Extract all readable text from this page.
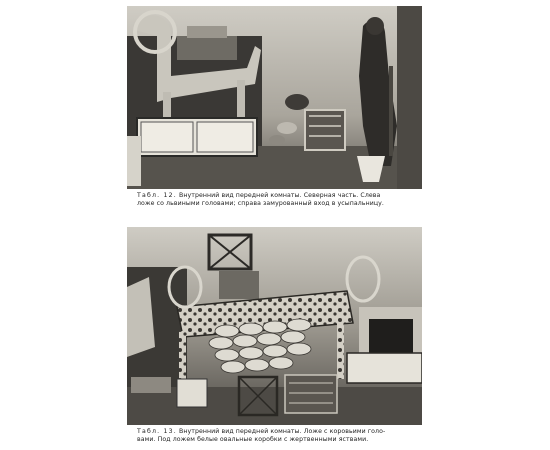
Табл. 12. Внутренний вид передней комнаты. Северная часть. Слева
ложе со львиными головами; справа замурованный вход в усыпальницу.
Табл. 13. Внутренний вид передней комнаты. Ложе с коровьими голо-
вами. Под ложем белые овальные коробки с жертвенными яствами.
